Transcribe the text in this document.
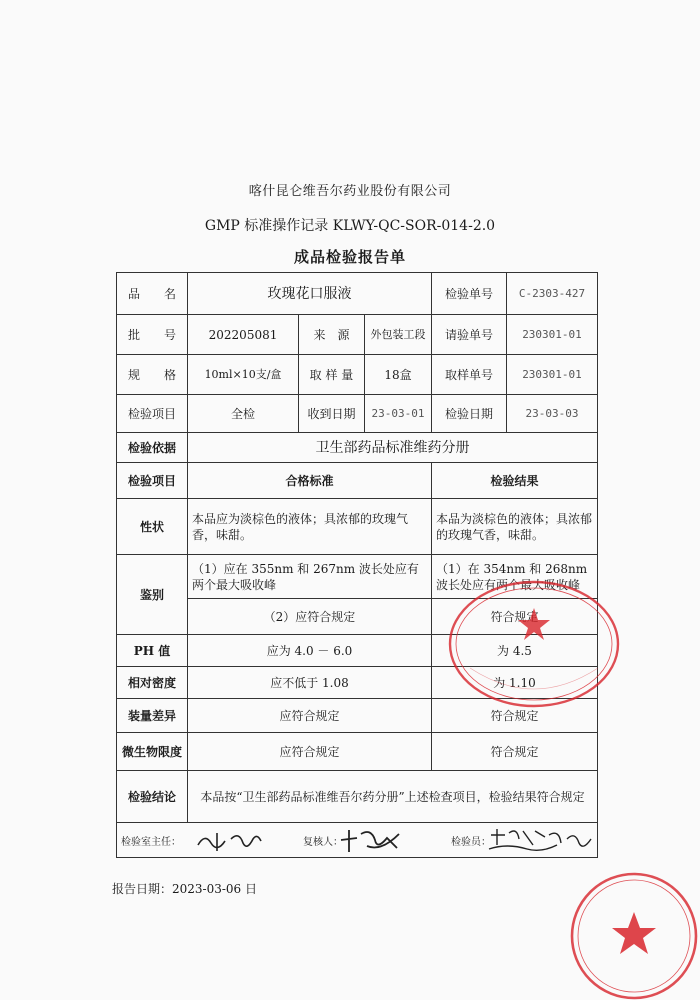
喀什昆仑维吾尔药业股份有限公司
GMP 标准操作记录 KLWY-QC-SOR-014-2.0
成品检验报告单
品　　名	玫瑰花口服液			检验单号	C-2303-427
批　　号	202205081	来　源	外包装工段	请验单号	230301-01
规　　格	10ml×10支/盒	取 样 量	18盒	取样单号	230301-01
检验项目	全检	收到日期	23-03-01	检验日期	23-03-03
检验依据	卫生部药品标准维药分册				
检验项目	合格标准			检验结果	
性状	本品应为淡棕色的液体；具浓郁的玫瑰气香，味甜。			本品为淡棕色的液体；具浓郁的玫瑰气香，味甜。	
鉴别	（1）应在 355nm 和 267nm 波长处应有两个最大吸收峰			（1）在 354nm 和 268nm 波长处应有两个最大吸收峰	
	（2）应符合规定			符合规定	
PH 值	应为 4.0 － 6.0			为 4.5	
相对密度	应不低于 1.08			为 1.10	
装量差异	应符合规定			符合规定	
微生物限度	应符合规定			符合规定	
检验结论	本品按“卫生部药品标准维吾尔药分册”上述检查项目，检验结果符合规定				

检验室主任： 复核人： 检验员：					
报告日期：2023-03-06 日
